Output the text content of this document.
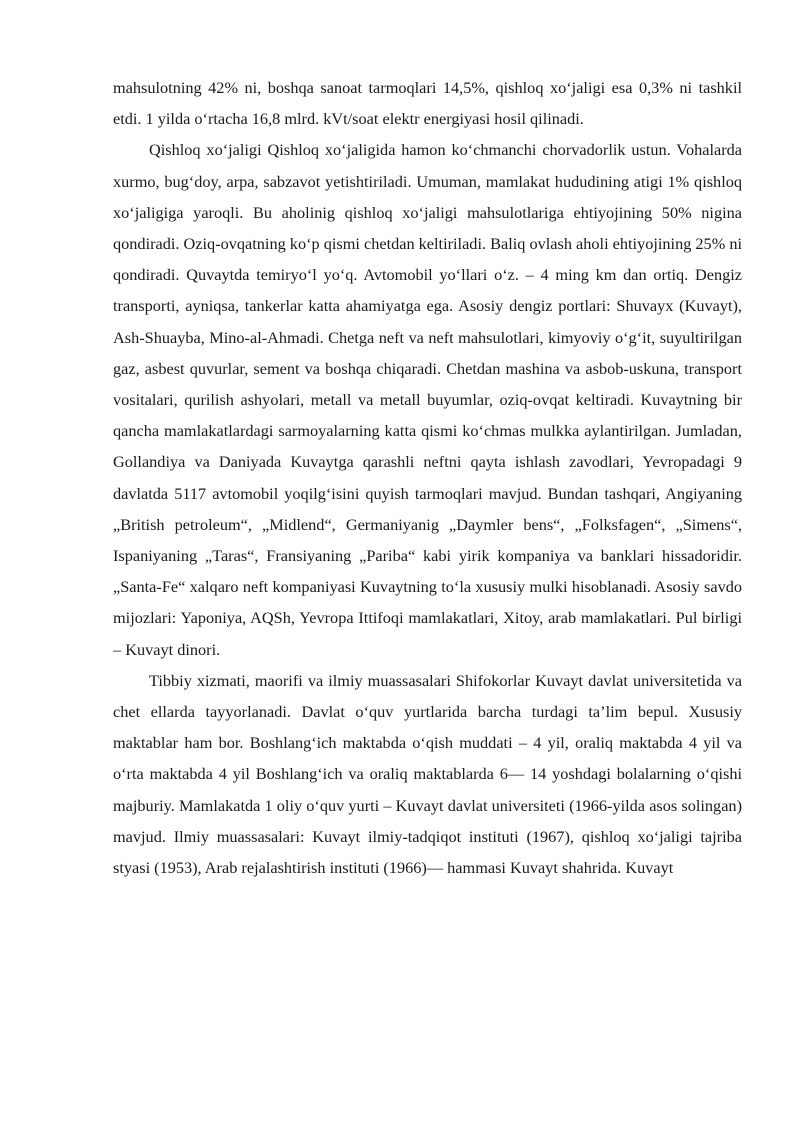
mahsulotning 42% ni, boshqa sanoat tarmoqlari 14,5%, qishloq xo‘jaligi esa 0,3% ni tashkil etdi. 1 yilda o‘rtacha 16,8 mlrd. kVt/soat elektr energiyasi hosil qilinadi.

Qishloq xo‘jaligi Qishloq xo‘jaligida hamon ko‘chmanchi chorvadorlik ustun. Vohalarda xurmo, bug‘doy, arpa, sabzavot yetishtiriladi. Umuman, mamlakat hududining atigi 1% qishloq xo‘jaligiga yaroqli. Bu aholinig qishloq xo‘jaligi mahsulotlariga ehtiyojining 50% nigina qondiradi. Oziq-ovqatning ko‘p qismi chetdan keltiriladi. Baliq ovlash aholi ehtiyojining 25% ni qondiradi. Quvaytda temiryo‘l yo‘q. Avtomobil yo‘llari o‘z. – 4 ming km dan ortiq. Dengiz transporti, ayniqsa, tankerlar katta ahamiyatga ega. Asosiy dengiz portlari: Shuvayx (Kuvayt), Ash-Shuayba, Mino-al-Ahmadi. Chetga neft va neft mahsulotlari, kimyoviy o‘g‘it, suyultirilgan gaz, asbest quvurlar, sement va boshqa chiqaradi. Chetdan mashina va asbob-uskuna, transport vositalari, qurilish ashyolari, metall va metall buyumlar, oziq-ovqat keltiradi. Kuvaytning bir qancha mamlakatlardagi sarmoyalarning katta qismi ko‘chmas mulkka aylantirilgan. Jumladan, Gollandiya va Daniyada Kuvaytga qarashli neftni qayta ishlash zavodlari, Yevropadagi 9 davlatda 5117 avtomobil yoqilg‘isini quyish tarmoqlari mavjud. Bundan tashqari, Angiyaning „British petroleum“, „Midlend“, Germaniyanig „Daymler bens“, „Folksfagen“, „Simens“, Ispaniyaning „Taras“, Fransiyaning „Pariba“ kabi yirik kompaniya va banklari hissadoridir. „Santa-Fe“ xalqaro neft kompaniyasi Kuvaytning to‘la xususiy mulki hisoblanadi. Asosiy savdo mijozlari: Yaponiya, AQSh, Yevropa Ittifoqi mamlakatlari, Xitoy, arab mamlakatlari. Pul birligi – Kuvayt dinori.

Tibbiy xizmati, maorifi va ilmiy muassasalari Shifokorlar Kuvayt davlat universitetida va chet ellarda tayyorlanadi. Davlat o‘quv yurtlarida barcha turdagi ta’lim bepul. Xususiy maktablar ham bor. Boshlang‘ich maktabda o‘qish muddati – 4 yil, oraliq maktabda 4 yil va o‘rta maktabda 4 yil Boshlang‘ich va oraliq maktablarda 6— 14 yoshdagi bolalarning o‘qishi majburiy. Mamlakatda 1 oliy o‘quv yurti – Kuvayt davlat universiteti (1966-yilda asos solingan) mavjud. Ilmiy muassasalari: Kuvayt ilmiy-tadqiqot instituti (1967), qishloq xo‘jaligi tajriba styasi (1953), Arab rejalashtirish instituti (1966)— hammasi Kuvayt shahrida. Kuvayt
